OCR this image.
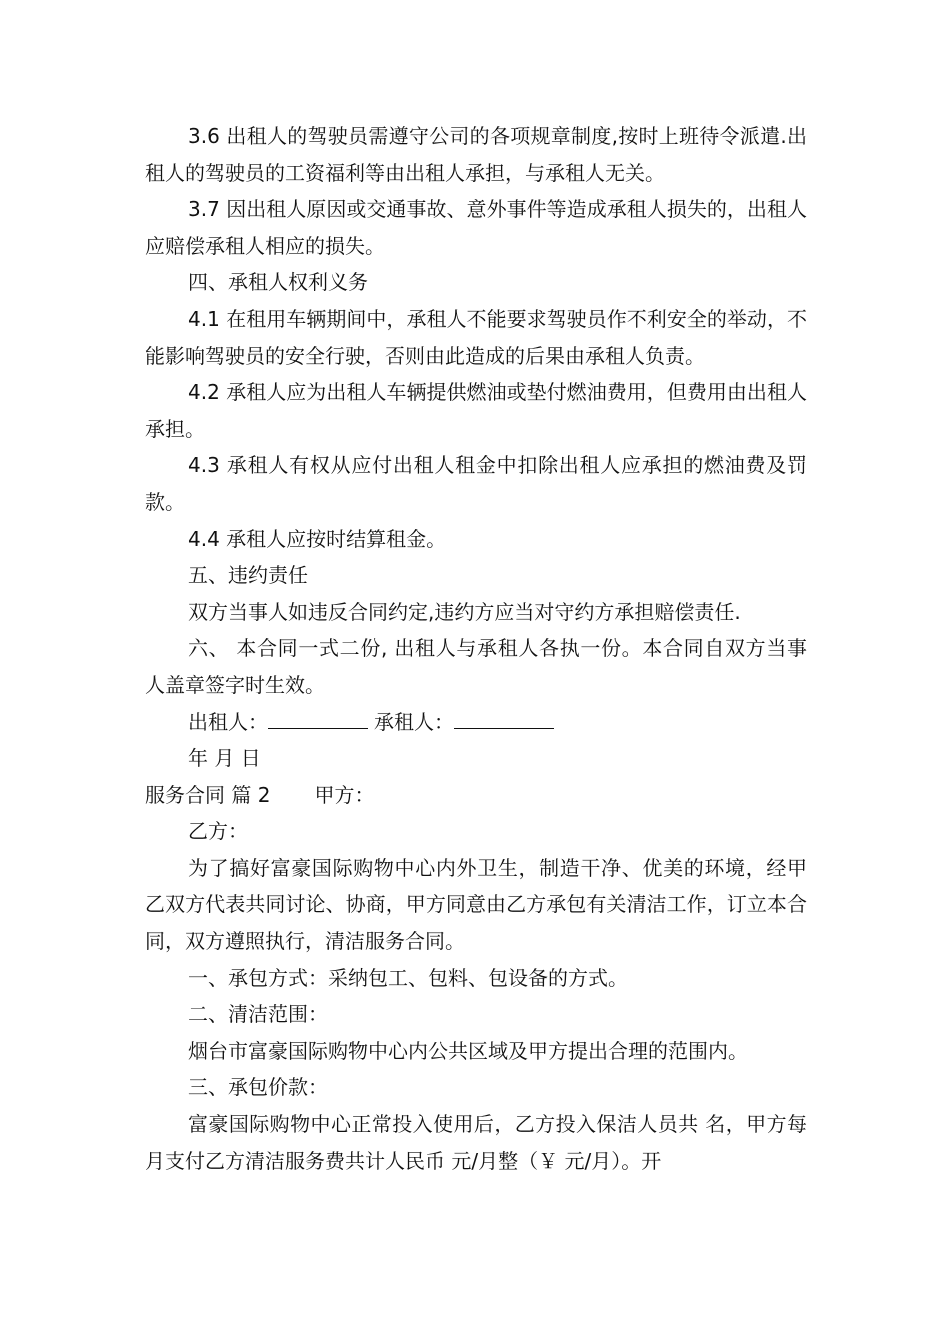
3.6 出租人的驾驶员需遵守公司的各项规章制度,按时上班待令派遣.出租人的驾驶员的工资福利等由出租人承担，与承租人无关。

3.7 因出租人原因或交通事故、意外事件等造成承租人损失的，出租人应赔偿承租人相应的损失。

四、承租人权利义务

4.1 在租用车辆期间中，承租人不能要求驾驶员作不利安全的举动，不能影响驾驶员的安全行驶，否则由此造成的后果由承租人负责。

4.2 承租人应为出租人车辆提供燃油或垫付燃油费用，但费用由出租人承担。

4.3 承租人有权从应付出租人租金中扣除出租人应承担的燃油费及罚款。

4.4 承租人应按时结算租金。

五、违约责任

双方当事人如违反合同约定,违约方应当对守约方承担赔偿责任.

六、 本合同一式二份, 出租人与承租人各执一份。本合同自双方当事人盖章签字时生效。

出租人：	承租人：

年 月 日

服务合同 篇 2 甲方：

乙方：

为了搞好富豪国际购物中心内外卫生，制造干净、优美的环境，经甲乙双方代表共同讨论、协商，甲方同意由乙方承包有关清洁工作，订立本合同，双方遵照执行，清洁服务合同。

一、承包方式：采纳包工、包料、包设备的方式。

二、清洁范围：

烟台市富豪国际购物中心内公共区域及甲方提出合理的范围内。

三、承包价款：

富豪国际购物中心正常投入使用后，乙方投入保洁人员共 名，甲方每月支付乙方清洁服务费共计人民币 元/月整（￥ 元/月）。开
